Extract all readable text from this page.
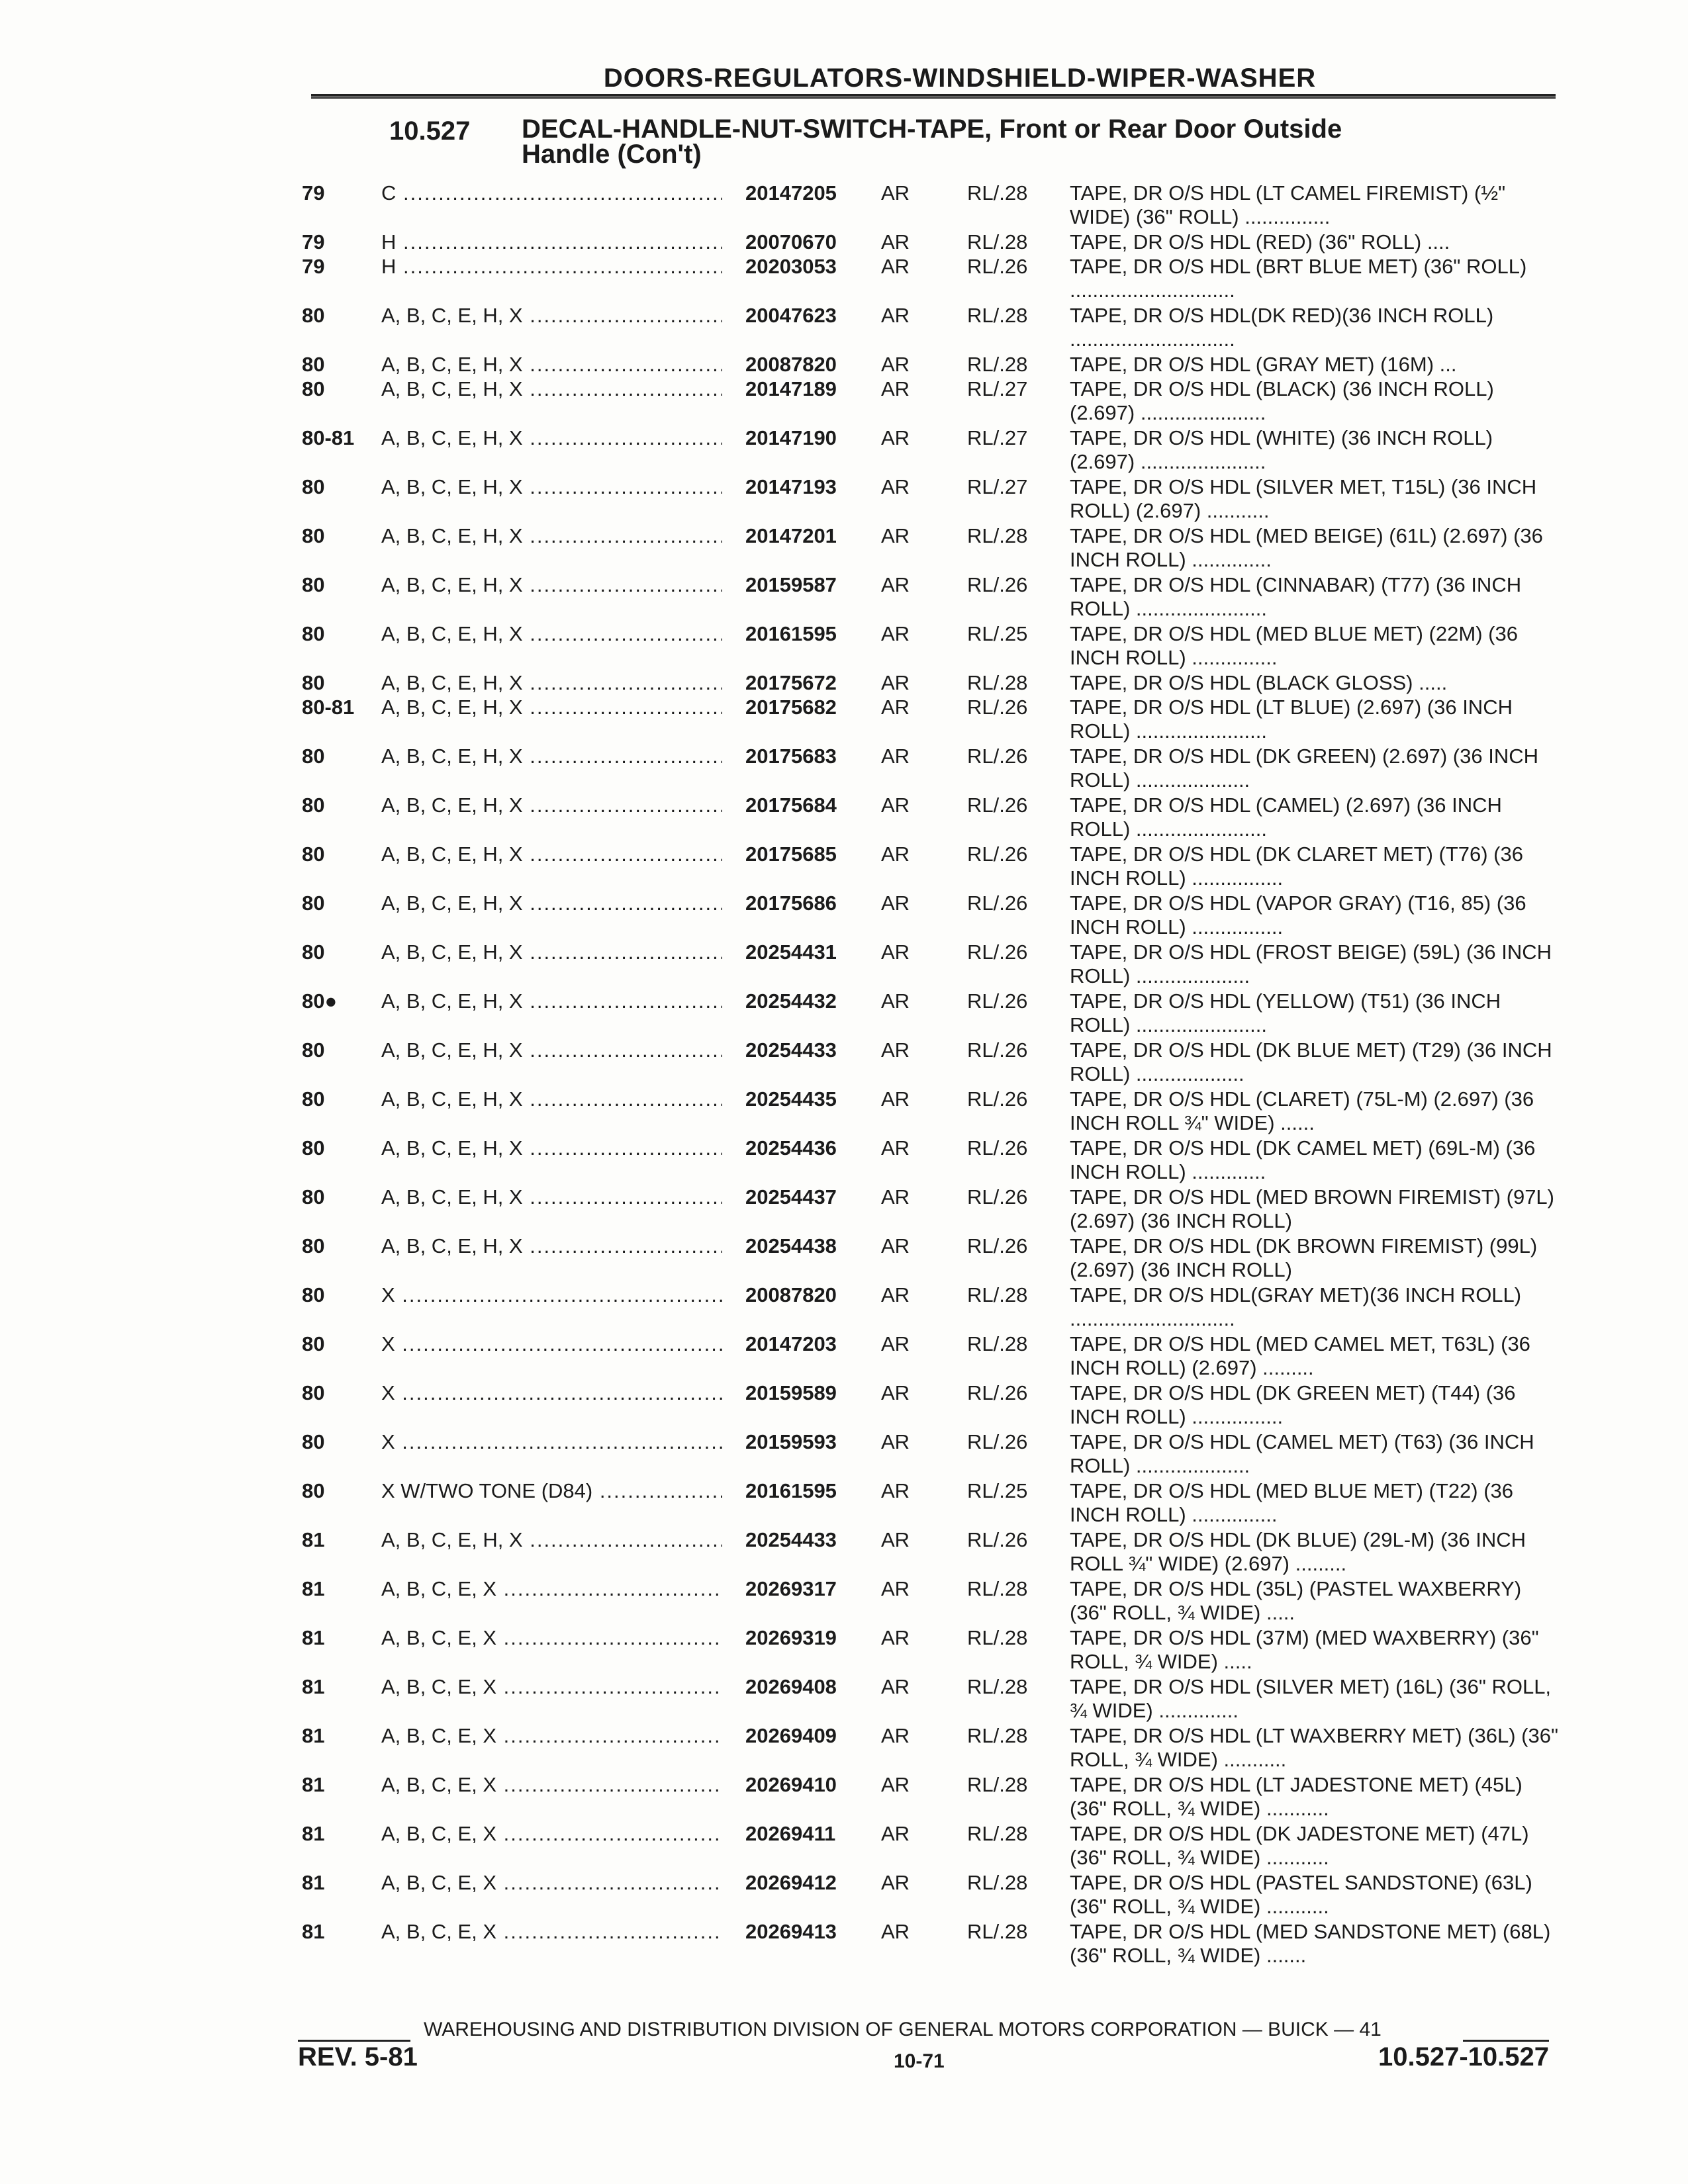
DOORS-REGULATORS-WINDSHIELD-WIPER-WASHER
10.527 DECAL-HANDLE-NUT-SWITCH-TAPE, Front or Rear Door Outside
Handle (Con't)
79	C .....	20147205	AR	RL/.28	TAPE, DR O/S HDL (LT CAMEL FIREMIST) (½" WIDE) (36" ROLL) ...............
79	H .....	20070670	AR	RL/.28	TAPE, DR O/S HDL (RED) (36" ROLL) ....
79	H .....	20203053	AR	RL/.26	TAPE, DR O/S HDL (BRT BLUE MET) (36" ROLL) .............................
80	A, B, C, E, H, X .....	20047623	AR	RL/.28	TAPE, DR O/S HDL(DK RED)(36 INCH ROLL) .............................
80	A, B, C, E, H, X .....	20087820	AR	RL/.28	TAPE, DR O/S HDL (GRAY MET) (16M) ...
80	A, B, C, E, H, X .....	20147189	AR	RL/.27	TAPE, DR O/S HDL (BLACK) (36 INCH ROLL) (2.697) ......................
80-81	A, B, C, E, H, X .....	20147190	AR	RL/.27	TAPE, DR O/S HDL (WHITE) (36 INCH ROLL) (2.697) ......................
80	A, B, C, E, H, X .....	20147193	AR	RL/.27	TAPE, DR O/S HDL (SILVER MET, T15L) (36 INCH ROLL) (2.697) ...........
80	A, B, C, E, H, X .....	20147201	AR	RL/.28	TAPE, DR O/S HDL (MED BEIGE) (61L) (2.697) (36 INCH ROLL) ..............
80	A, B, C, E, H, X .....	20159587	AR	RL/.26	TAPE, DR O/S HDL (CINNABAR) (T77) (36 INCH ROLL) .......................
80	A, B, C, E, H, X .....	20161595	AR	RL/.25	TAPE, DR O/S HDL (MED BLUE MET) (22M) (36 INCH ROLL) ...............
80	A, B, C, E, H, X .....	20175672	AR	RL/.28	TAPE, DR O/S HDL (BLACK GLOSS) .....
80-81	A, B, C, E, H, X .....	20175682	AR	RL/.26	TAPE, DR O/S HDL (LT BLUE) (2.697) (36 INCH ROLL) .......................
80	A, B, C, E, H, X .....	20175683	AR	RL/.26	TAPE, DR O/S HDL (DK GREEN) (2.697) (36 INCH ROLL) ....................
80	A, B, C, E, H, X .....	20175684	AR	RL/.26	TAPE, DR O/S HDL (CAMEL) (2.697) (36 INCH ROLL) .......................
80	A, B, C, E, H, X .....	20175685	AR	RL/.26	TAPE, DR O/S HDL (DK CLARET MET) (T76) (36 INCH ROLL) ................
80	A, B, C, E, H, X .....	20175686	AR	RL/.26	TAPE, DR O/S HDL (VAPOR GRAY) (T16, 85) (36 INCH ROLL) ................
80	A, B, C, E, H, X .....	20254431	AR	RL/.26	TAPE, DR O/S HDL (FROST BEIGE) (59L) (36 INCH ROLL) ....................
80●	A, B, C, E, H, X .....	20254432	AR	RL/.26	TAPE, DR O/S HDL (YELLOW) (T51) (36 INCH ROLL) .......................
80	A, B, C, E, H, X .....	20254433	AR	RL/.26	TAPE, DR O/S HDL (DK BLUE MET) (T29) (36 INCH ROLL) ...................
80	A, B, C, E, H, X .....	20254435	AR	RL/.26	TAPE, DR O/S HDL (CLARET) (75L-M) (2.697) (36 INCH ROLL ¾" WIDE) ......
80	A, B, C, E, H, X .....	20254436	AR	RL/.26	TAPE, DR O/S HDL (DK CAMEL MET) (69L-M) (36 INCH ROLL) .............
80	A, B, C, E, H, X .....	20254437	AR	RL/.26	TAPE, DR O/S HDL (MED BROWN FIREMIST) (97L) (2.697) (36 INCH ROLL)
80	A, B, C, E, H, X .....	20254438	AR	RL/.26	TAPE, DR O/S HDL (DK BROWN FIREMIST) (99L) (2.697) (36 INCH ROLL)
80	X .....	20087820	AR	RL/.28	TAPE, DR O/S HDL(GRAY MET)(36 INCH ROLL) .............................
80	X .....	20147203	AR	RL/.28	TAPE, DR O/S HDL (MED CAMEL MET, T63L) (36 INCH ROLL) (2.697) .........
80	X .....	20159589	AR	RL/.26	TAPE, DR O/S HDL (DK GREEN MET) (T44) (36 INCH ROLL) ................
80	X .....	20159593	AR	RL/.26	TAPE, DR O/S HDL (CAMEL MET) (T63) (36 INCH ROLL) ....................
80	X W/TWO TONE (D84) .....	20161595	AR	RL/.25	TAPE, DR O/S HDL (MED BLUE MET) (T22) (36 INCH ROLL) ...............
81	A, B, C, E, H, X .....	20254433	AR	RL/.26	TAPE, DR O/S HDL (DK BLUE) (29L-M) (36 INCH ROLL ¾" WIDE) (2.697) .........
81	A, B, C, E, X .....	20269317	AR	RL/.28	TAPE, DR O/S HDL (35L) (PASTEL WAXBERRY) (36" ROLL, ¾ WIDE) .....
81	A, B, C, E, X .....	20269319	AR	RL/.28	TAPE, DR O/S HDL (37M) (MED WAXBERRY) (36" ROLL, ¾ WIDE) .....
81	A, B, C, E, X .....	20269408	AR	RL/.28	TAPE, DR O/S HDL (SILVER MET) (16L) (36" ROLL, ¾ WIDE) ..............
81	A, B, C, E, X .....	20269409	AR	RL/.28	TAPE, DR O/S HDL (LT WAXBERRY MET) (36L) (36" ROLL, ¾ WIDE) ...........
81	A, B, C, E, X .....	20269410	AR	RL/.28	TAPE, DR O/S HDL (LT JADESTONE MET) (45L) (36" ROLL, ¾ WIDE) ...........
81	A, B, C, E, X .....	20269411	AR	RL/.28	TAPE, DR O/S HDL (DK JADESTONE MET) (47L) (36" ROLL, ¾ WIDE) ...........
81	A, B, C, E, X .....	20269412	AR	RL/.28	TAPE, DR O/S HDL (PASTEL SANDSTONE) (63L) (36" ROLL, ¾ WIDE) ...........
81	A, B, C, E, X .....	20269413	AR	RL/.28	TAPE, DR O/S HDL (MED SANDSTONE MET) (68L) (36" ROLL, ¾ WIDE) .......
WAREHOUSING AND DISTRIBUTION DIVISION OF GENERAL MOTORS CORPORATION — BUICK — 41
REV. 5-81	10-71	10.527-10.527
